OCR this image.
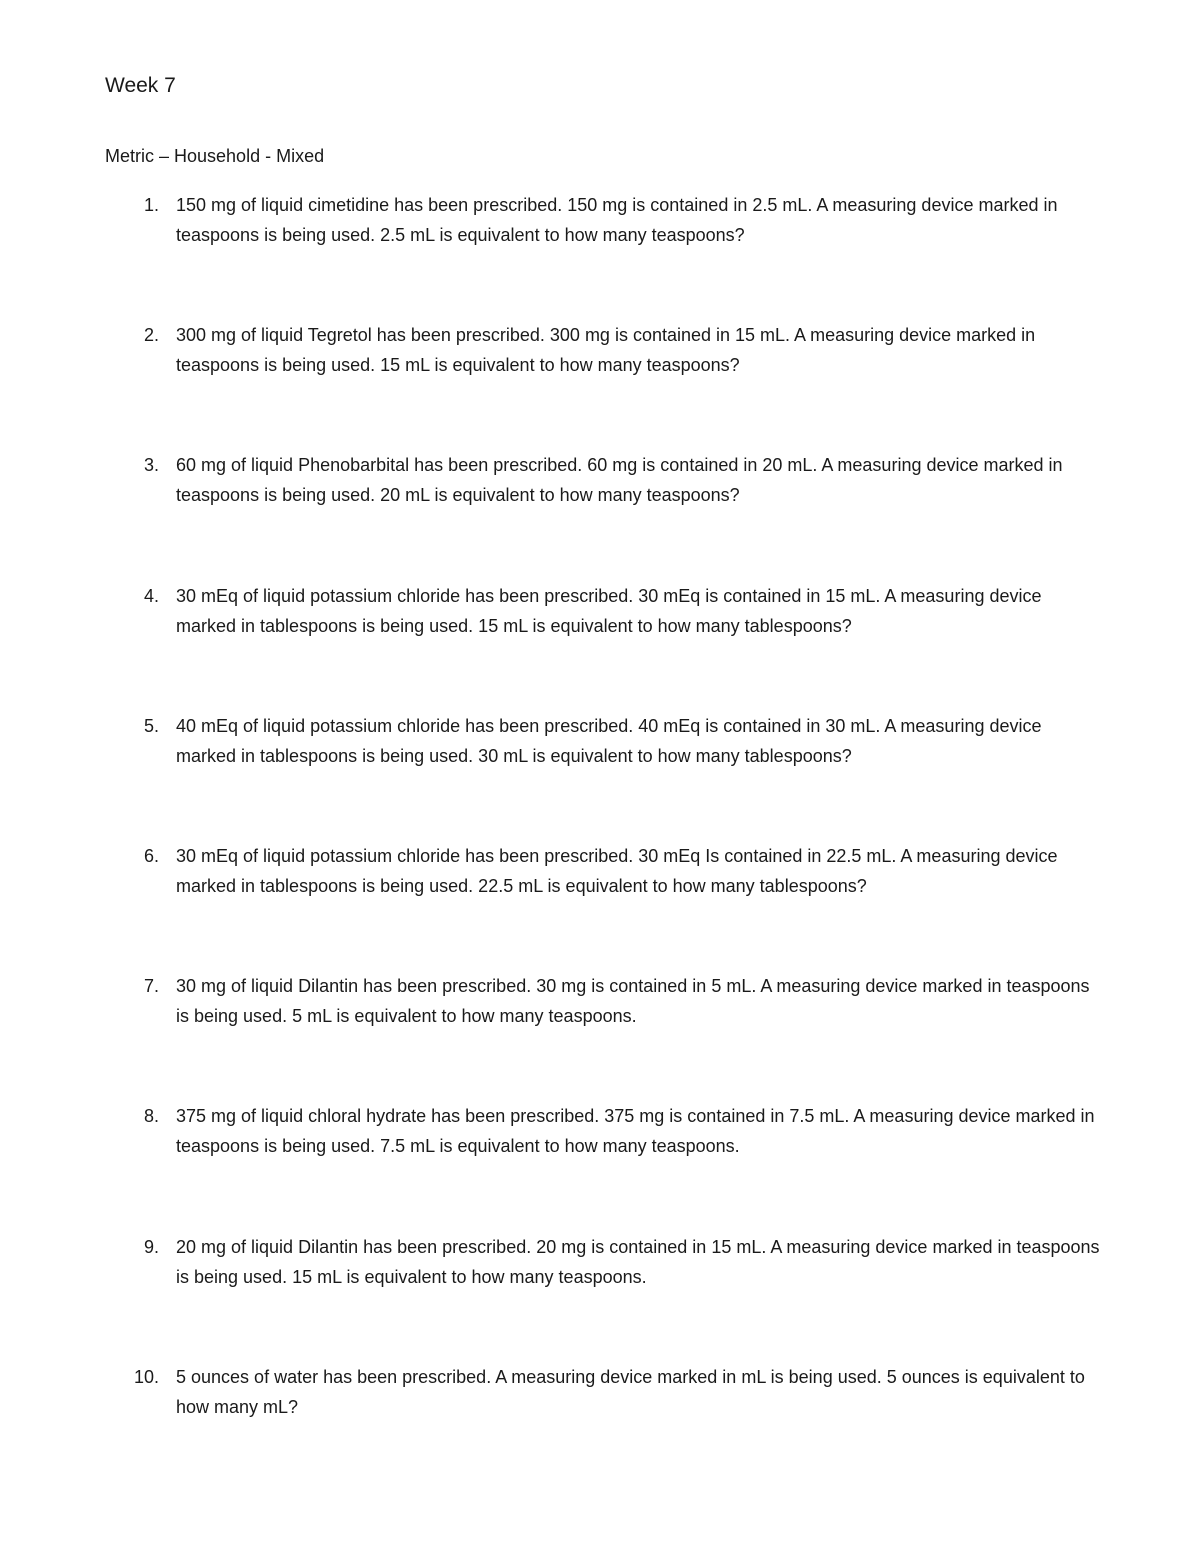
Week 7

Metric – Household - Mixed

1. 150 mg of liquid cimetidine has been prescribed. 150 mg is contained in 2.5 mL. A measuring device marked in teaspoons is being used. 2.5 mL is equivalent to how many teaspoons?
2. 300 mg of liquid Tegretol has been prescribed. 300 mg is contained in 15 mL. A measuring device marked in teaspoons is being used. 15 mL is equivalent to how many teaspoons?
3. 60 mg of liquid Phenobarbital has been prescribed. 60 mg is contained in 20 mL. A measuring device marked in teaspoons is being used. 20 mL is equivalent to how many teaspoons?
4. 30 mEq of liquid potassium chloride has been prescribed. 30 mEq is contained in 15 mL. A measuring device marked in tablespoons is being used. 15 mL is equivalent to how many tablespoons?
5. 40 mEq of liquid potassium chloride has been prescribed. 40 mEq is contained in 30 mL. A measuring device marked in tablespoons is being used. 30 mL is equivalent to how many tablespoons?
6. 30 mEq of liquid potassium chloride has been prescribed. 30 mEq Is contained in 22.5 mL. A measuring device marked in tablespoons is being used. 22.5 mL is equivalent to how many tablespoons?
7. 30 mg of liquid Dilantin has been prescribed. 30 mg is contained in 5 mL. A measuring device marked in teaspoons is being used. 5 mL is equivalent to how many teaspoons.
8. 375 mg of liquid chloral hydrate has been prescribed. 375 mg is contained in 7.5 mL. A measuring device marked in teaspoons is being used. 7.5 mL is equivalent to how many teaspoons.
9. 20 mg of liquid Dilantin has been prescribed. 20 mg is contained in 15 mL. A measuring device marked in teaspoons is being used. 15 mL is equivalent to how many teaspoons.
10. 5 ounces of water has been prescribed. A measuring device marked in mL is being used. 5 ounces is equivalent to how many mL?
